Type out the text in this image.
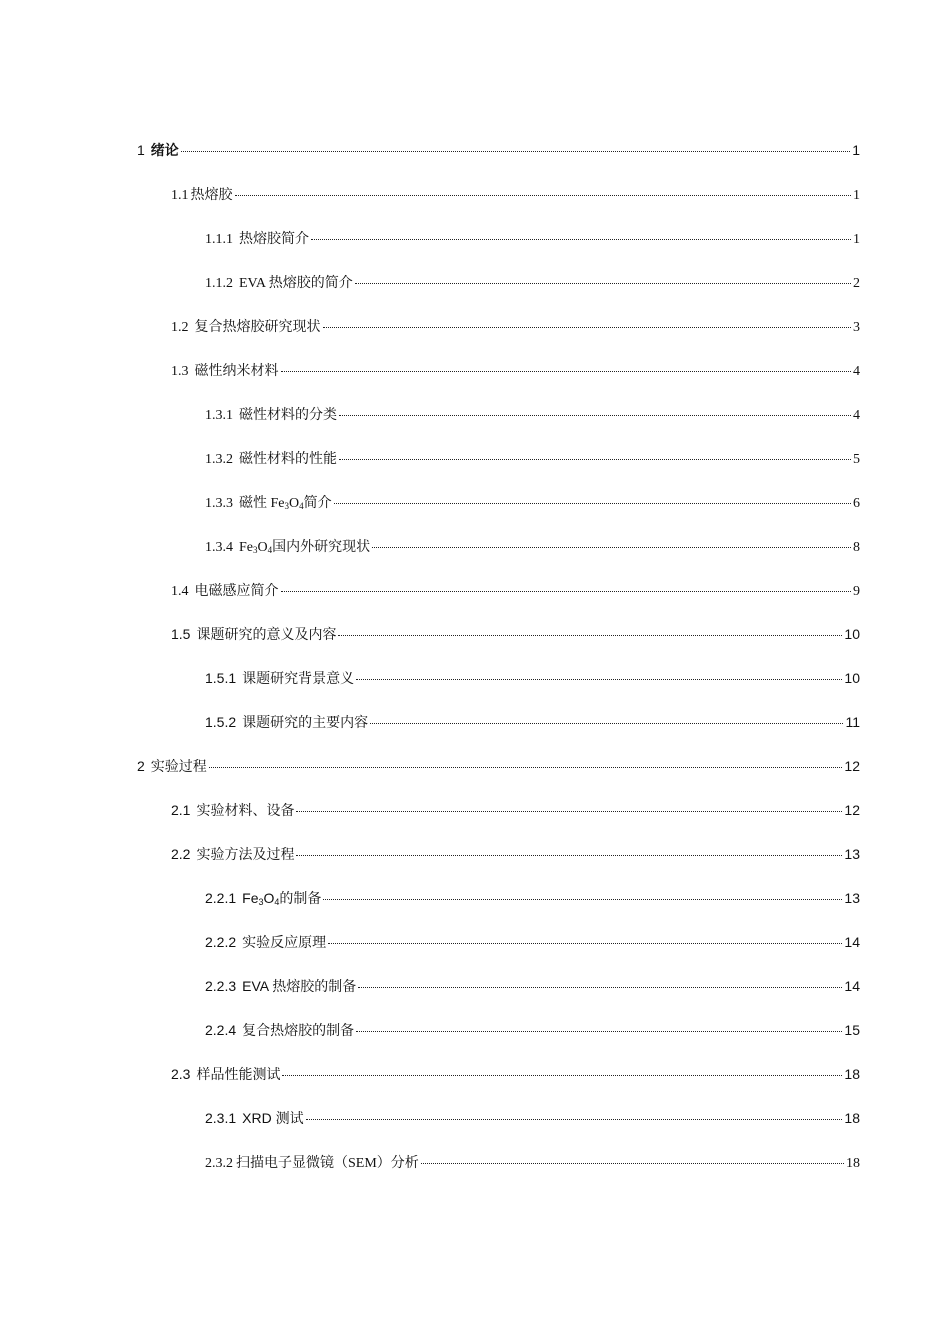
1 绪论	1
1.1 热熔胶	1
1.1.1 热熔胶简介	1
1.1.2 EVA 热熔胶的简介	2
1.2 复合热熔胶研究现状	3
1.3 磁性纳米材料	4
1.3.1 磁性材料的分类	4
1.3.2 磁性材料的性能	5
1.3.3 磁性 $Fe_3O_4$简介	6
1.3.4 $Fe_3O_4$国内外研究现状	8
1.4 电磁感应简介	9
1.5 课题研究的意义及内容	10
1.5.1 课题研究背景意义	10
1.5.2 课题研究的主要内容	11
2 实验过程	12
2.1 实验材料、设备	12
2.2 实验方法及过程	13
2.2.1 $Fe_3O_4$的制备	13
2.2.2 实验反应原理	14
2.2.3 EVA 热熔胶的制备	14
2.2.4 复合热熔胶的制备	15
2.3 样品性能测试	18
2.3.1 XRD 测试	18
2.3.2 扫描电子显微镜（SEM）分析	18
